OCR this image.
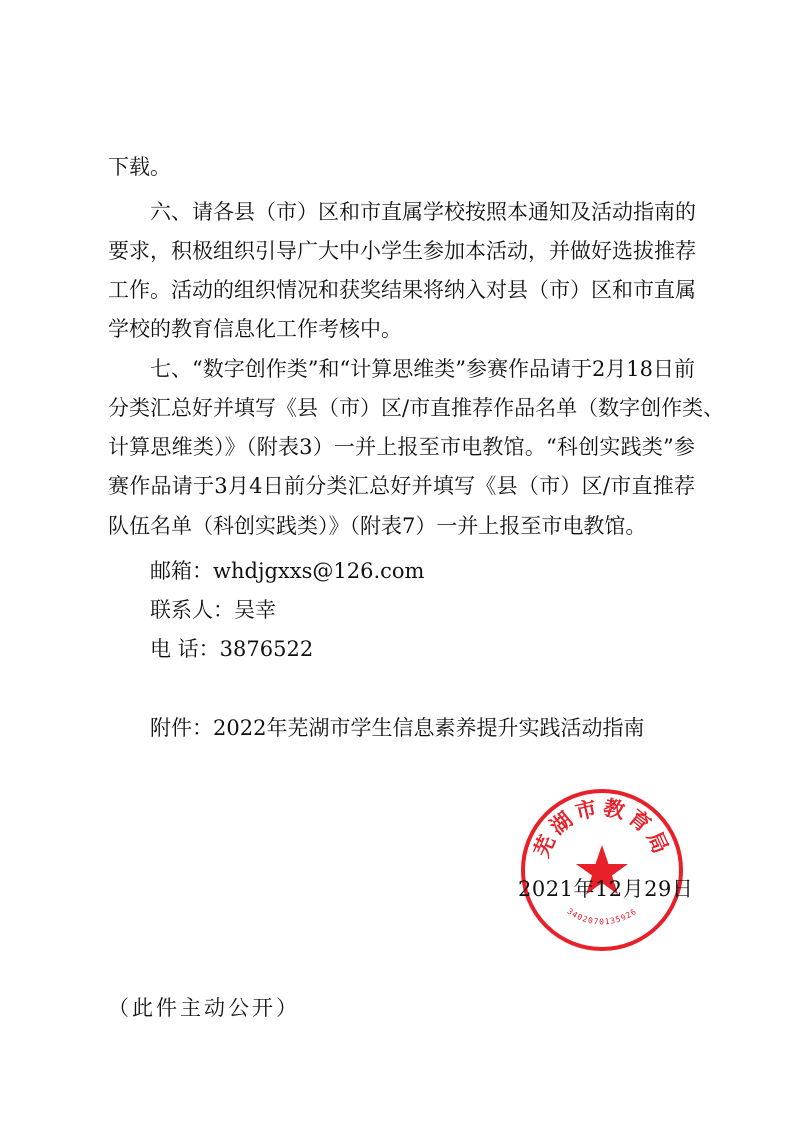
下载。
六、请各县（市）区和市直属学校按照本通知及活动指南的
要求，积极组织引导广大中小学生参加本活动，并做好选拔推荐
工作。活动的组织情况和获奖结果将纳入对县（市）区和市直属
学校的教育信息化工作考核中。
七、“数字创作类”和“计算思维类”参赛作品请于2月18日前
分类汇总好并填写《县（市）区/市直推荐作品名单（数字创作类、
计算思维类）》（附表3）一并上报至市电教馆。“科创实践类”参
赛作品请于3月4日前分类汇总好并填写《县（市）区/市直推荐
队伍名单（科创实践类）》（附表7）一并上报至市电教馆。
邮箱：whdjgxxs@126.com
联系人：吴幸
电 话：3876522
附件：2022年芜湖市学生信息素养提升实践活动指南
芜湖市教育局
3402070135926
2021年12月29日
（此件主动公开）
